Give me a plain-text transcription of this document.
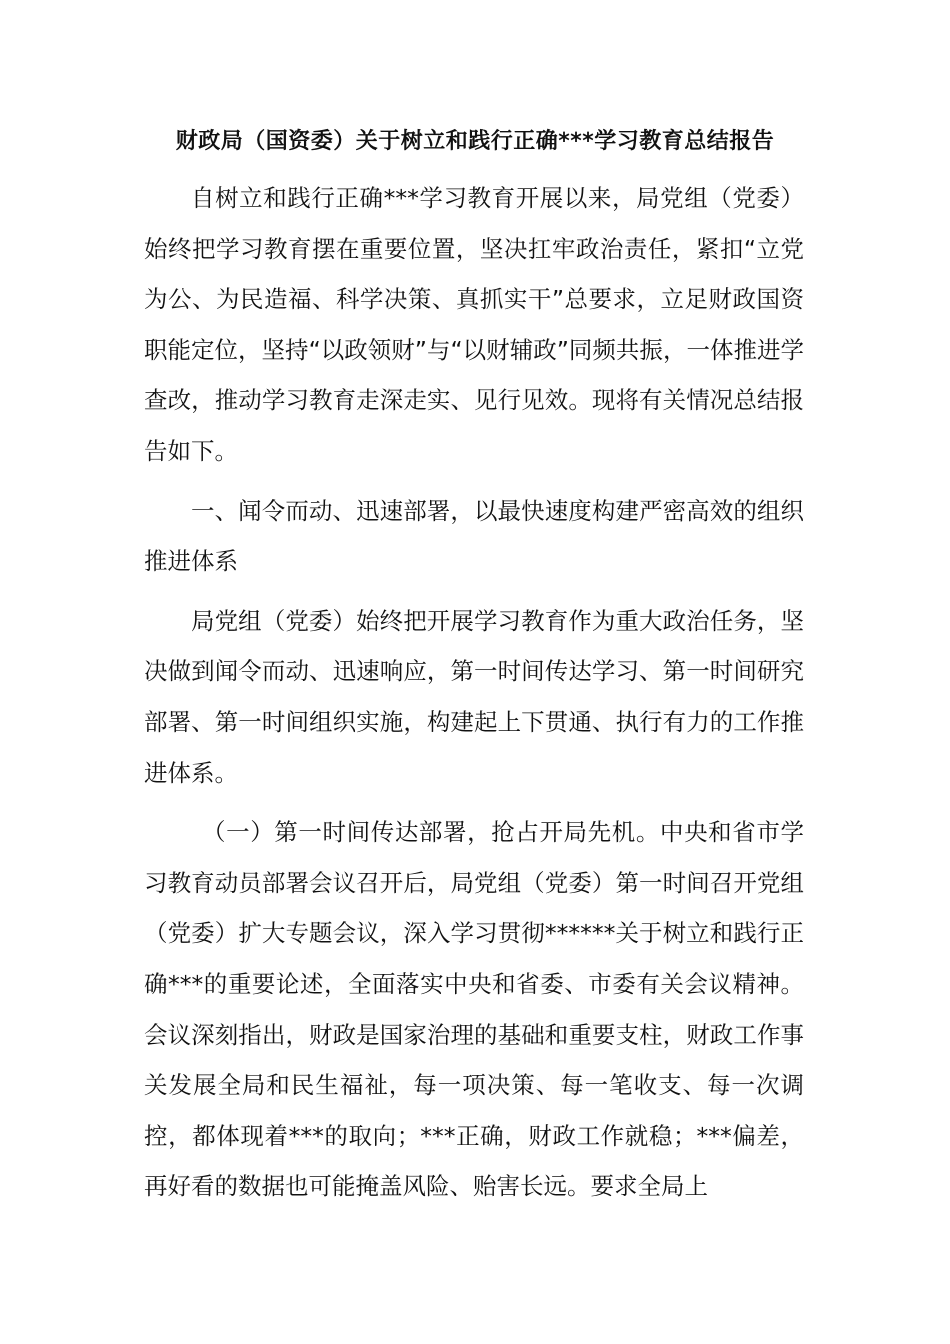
财政局（国资委）关于树立和践行正确***学习教育总结报告

自树立和践行正确***学习教育开展以来，局党组（党委）始终把学习教育摆在重要位置，坚决扛牢政治责任，紧扣“立党为公、为民造福、科学决策、真抓实干”总要求，立足财政国资职能定位，坚持“以政领财”与“以财辅政”同频共振，一体推进学查改，推动学习教育走深走实、见行见效。现将有关情况总结报告如下。

一、闻令而动、迅速部署，以最快速度构建严密高效的组织推进体系

局党组（党委）始终把开展学习教育作为重大政治任务，坚决做到闻令而动、迅速响应，第一时间传达学习、第一时间研究部署、第一时间组织实施，构建起上下贯通、执行有力的工作推进体系。

（一）第一时间传达部署，抢占开局先机。中央和省市学习教育动员部署会议召开后，局党组（党委）第一时间召开党组（党委）扩大专题会议，深入学习贯彻******关于树立和践行正确***的重要论述，全面落实中央和省委、市委有关会议精神。会议深刻指出，财政是国家治理的基础和重要支柱，财政工作事关发展全局和民生福祉，每一项决策、每一笔收支、每一次调控，都体现着***的取向；***正确，财政工作就稳；***偏差，再好看的数据也可能掩盖风险、贻害长远。要求全局上
